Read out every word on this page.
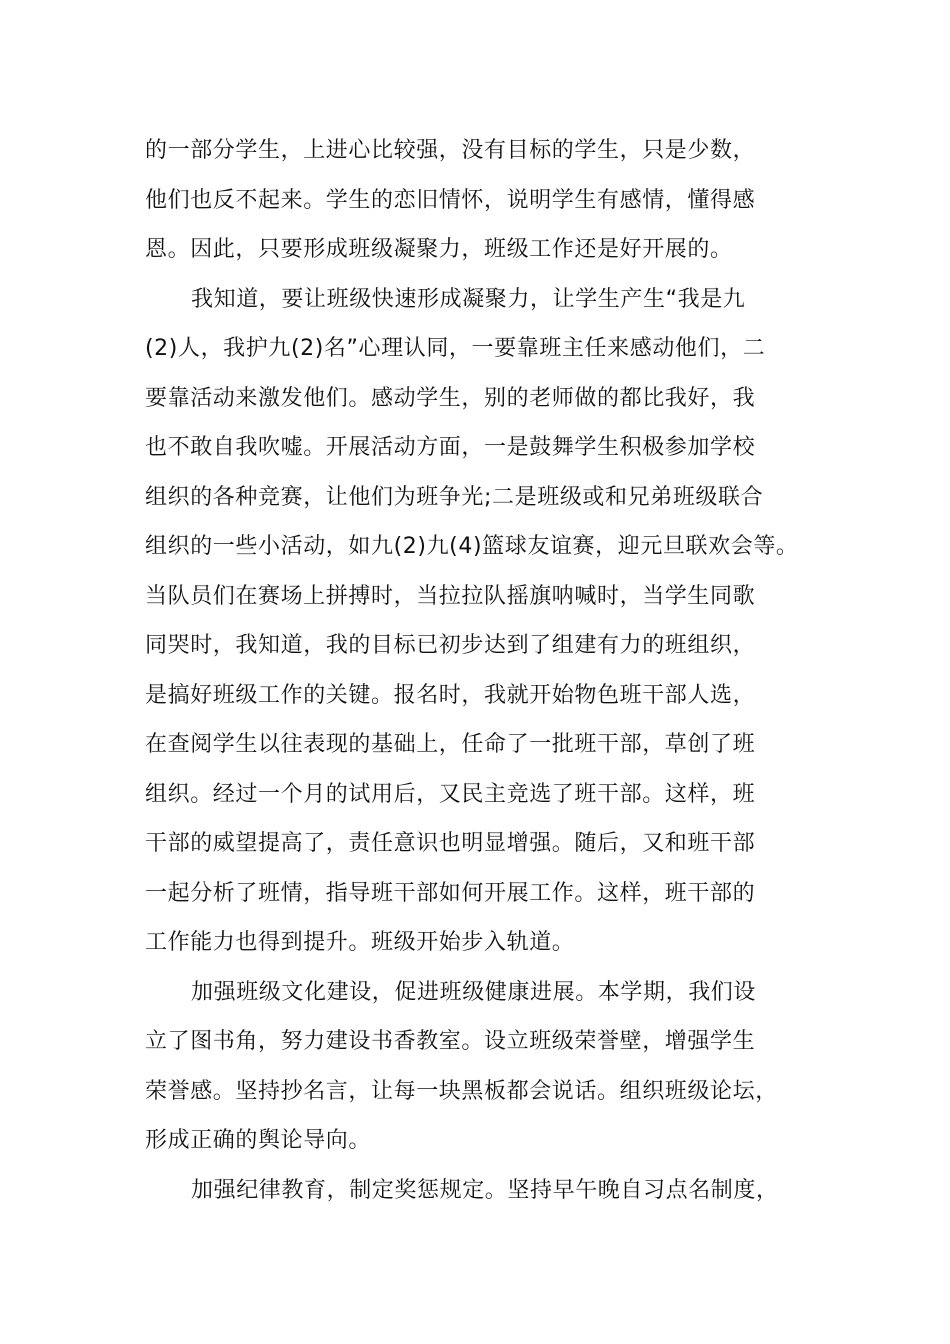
的一部分学生，上进心比较强，没有目标的学生，只是少数，
他们也反不起来。学生的恋旧情怀，说明学生有感情，懂得感
恩。因此，只要形成班级凝聚力，班级工作还是好开展的。
我知道，要让班级快速形成凝聚力，让学生产生“我是九
(2)人，我护九(2)名”心理认同，一要靠班主任来感动他们，二
要靠活动来激发他们。感动学生，别的老师做的都比我好，我
也不敢自我吹嘘。开展活动方面，一是鼓舞学生积极参加学校
组织的各种竞赛，让他们为班争光;二是班级或和兄弟班级联合
组织的一些小活动，如九(2)九(4)篮球友谊赛，迎元旦联欢会等。
当队员们在赛场上拼搏时，当拉拉队摇旗呐喊时，当学生同歌
同哭时，我知道，我的目标已初步达到了组建有力的班组织，
是搞好班级工作的关键。报名时，我就开始物色班干部人选，
在查阅学生以往表现的基础上，任命了一批班干部，草创了班
组织。经过一个月的试用后，又民主竞选了班干部。这样，班
干部的威望提高了，责任意识也明显增强。随后，又和班干部
一起分析了班情，指导班干部如何开展工作。这样，班干部的
工作能力也得到提升。班级开始步入轨道。
加强班级文化建设，促进班级健康进展。本学期，我们设
立了图书角，努力建设书香教室。设立班级荣誉壁，增强学生
荣誉感。坚持抄名言，让每一块黑板都会说话。组织班级论坛，
形成正确的舆论导向。
加强纪律教育，制定奖惩规定。坚持早午晚自习点名制度，
